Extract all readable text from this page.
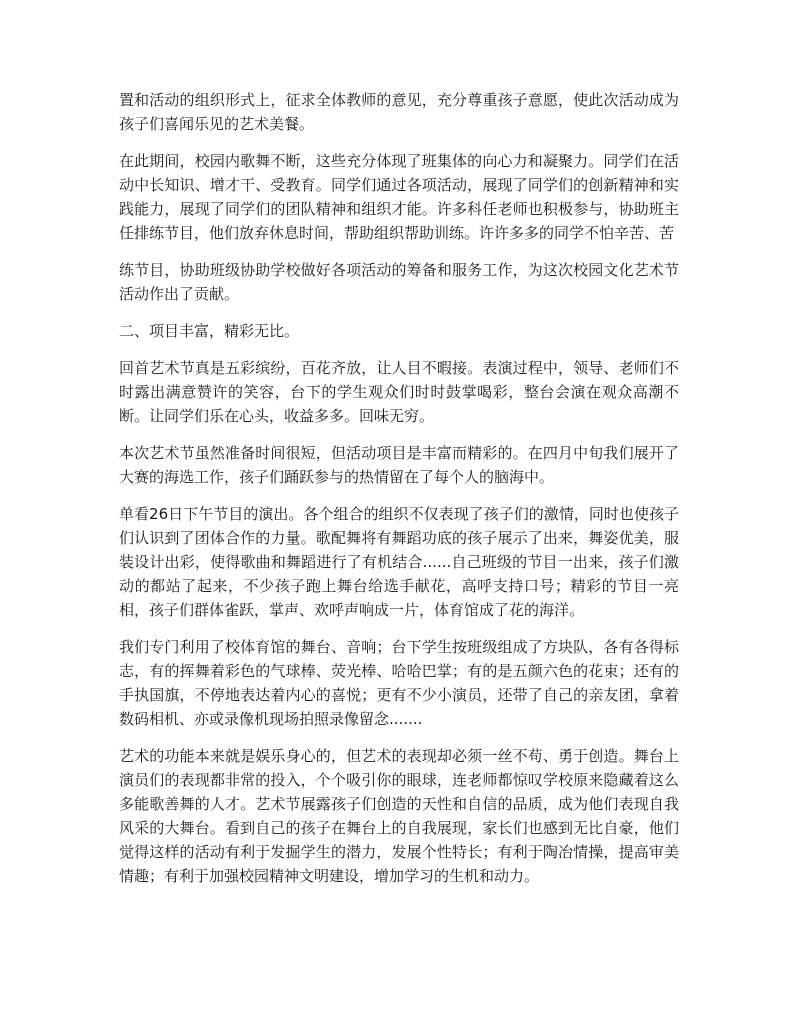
置和活动的组织形式上，征求全体教师的意见，充分尊重孩子意愿，使此次活动成为孩子们喜闻乐见的艺术美餐。

在此期间，校园内歌舞不断，这些充分体现了班集体的向心力和凝聚力。同学们在活动中长知识、增才干、受教育。同学们通过各项活动，展现了同学们的创新精神和实践能力，展现了同学们的团队精神和组织才能。许多科任老师也积极参与，协助班主任排练节目，他们放弃休息时间，帮助组织帮助训练。许许多多的同学不怕辛苦、苦

练节目，协助班级协助学校做好各项活动的筹备和服务工作，为这次校园文化艺术节活动作出了贡献。

二、项目丰富，精彩无比。

回首艺术节真是五彩缤纷，百花齐放，让人目不暇接。表演过程中，领导、老师们不时露出满意赞许的笑容，台下的学生观众们时时鼓掌喝彩，整台会演在观众高潮不断。让同学们乐在心头，收益多多。回味无穷。

本次艺术节虽然准备时间很短，但活动项目是丰富而精彩的。在四月中旬我们展开了大赛的海选工作，孩子们踊跃参与的热情留在了每个人的脑海中。

单看26日下午节目的演出。各个组合的组织不仅表现了孩子们的激情，同时也使孩子们认识到了团体合作的力量。歌配舞将有舞蹈功底的孩子展示了出来，舞姿优美，服装设计出彩，使得歌曲和舞蹈进行了有机结合......自己班级的节目一出来，孩子们激动的都站了起来，不少孩子跑上舞台给选手献花，高呼支持口号；精彩的节目一亮相，孩子们群体雀跃，掌声、欢呼声响成一片，体育馆成了花的海洋。

我们专门利用了校体育馆的舞台、音响；台下学生按班级组成了方块队，各有各得标志，有的挥舞着彩色的气球棒、荧光棒、哈哈巴掌；有的是五颜六色的花束；还有的手执国旗，不停地表达着内心的喜悦；更有不少小演员，还带了自己的亲友团，拿着数码相机、亦或录像机现场拍照录像留念.......

艺术的功能本来就是娱乐身心的，但艺术的表现却必须一丝不苟、勇于创造。舞台上演员们的表现都非常的投入，个个吸引你的眼球，连老师都惊叹学校原来隐藏着这么多能歌善舞的人才。艺术节展露孩子们创造的天性和自信的品质，成为他们表现自我风采的大舞台。看到自己的孩子在舞台上的自我展现，家长们也感到无比自豪，他们觉得这样的活动有利于发掘学生的潜力，发展个性特长；有利于陶冶情操，提高审美情趣；有利于加强校园精神文明建设，增加学习的生机和动力。
